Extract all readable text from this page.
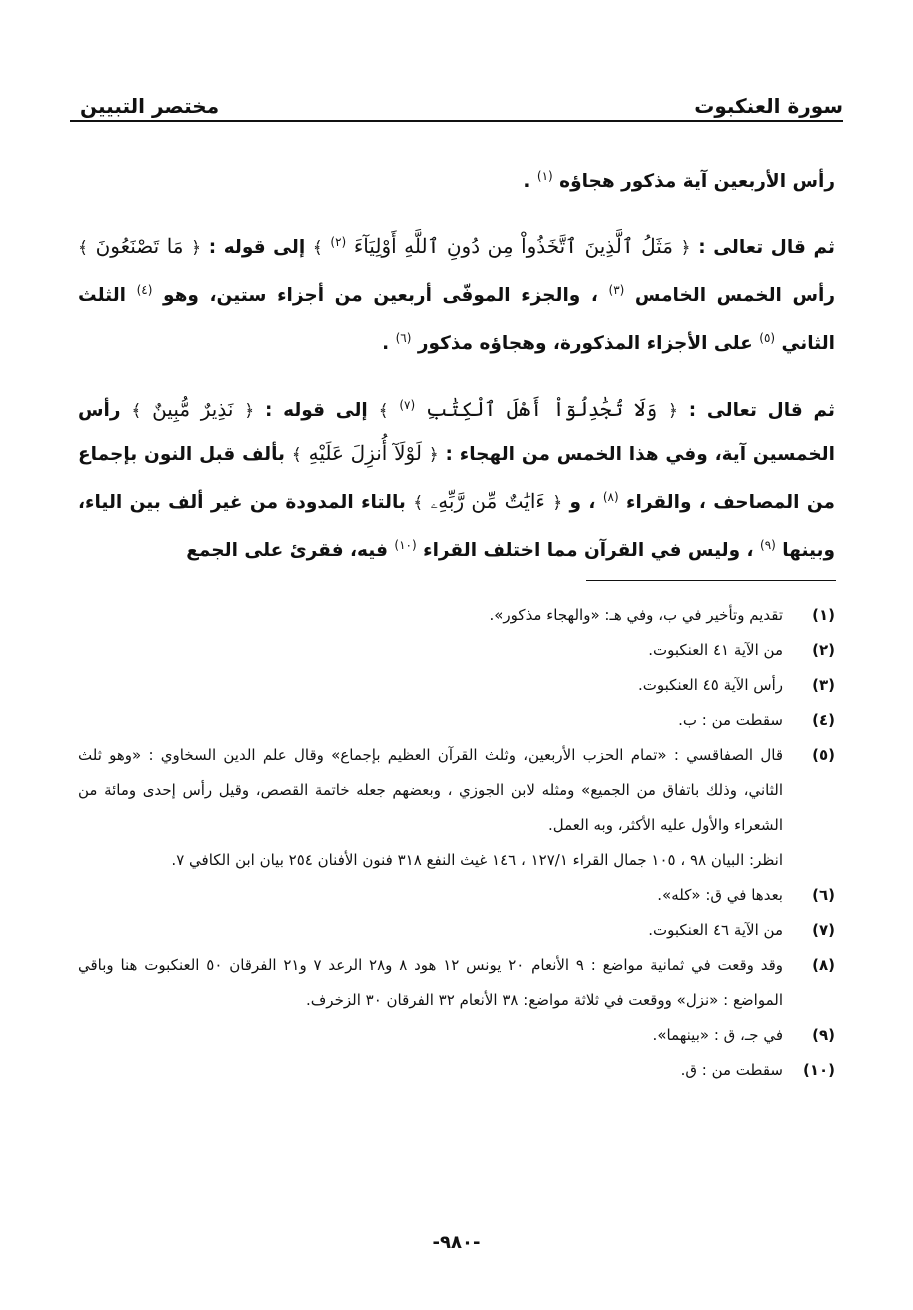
سورة العنكبوت
مختصر التبيين

رأس الأربعين آية مذكور هجاؤه $^{(١)}$ .

ثم قال تعالى : ﴿ مَثَلُ ٱلَّذِينَ ٱتَّخَذُواْ مِن دُونِ ٱللَّهِ أَوْلِيَآءَ $^{(٢)}$ ﴾ إلى قوله : ﴿ مَا تَصْنَعُونَ ﴾ رأس الخمس الخامس $^{(٣)}$ ، والجزء الموفّى أربعين من أجزاء ستين، وهو $^{(٤)}$ الثلث الثاني $^{(٥)}$ على الأجزاء المذكورة، وهجاؤه مذكور $^{(٦)}$ .

ثم قال تعالى : ﴿ وَلَا تُجَٰدِلُوٓاْ أَهْلَ ٱلْكِتَٰبِ $^{(٧)}$ ﴾ إلى قوله : ﴿ نَذِيرٌ مُّبِينٌ ﴾ رأس الخمسين آية، وفي هذا الخمس من الهجاء : ﴿ لَوْلَآ أُنزِلَ عَلَيْهِ ﴾ بألف قبل النون بإجماع من المصاحف ، والقراء $^{(٨)}$ ، و ﴿ ءَايَٰتٌ مِّن رَّبِّهِۦ ﴾ بالتاء المدودة من غير ألف بين الياء، وبينها $^{(٩)}$ ، وليس في القرآن مما اختلف القراء $^{(١٠)}$ فيه، فقرئ على الجمع

(١)
تقديم وتأخير في ب، وفي هـ: «والهجاء مذكور».
(٢)
من الآية ٤١ العنكبوت.
(٣)
رأس الآية ٤٥ العنكبوت.
(٤)
سقطت من : ب.
(٥)
قال الصفاقسي : «تمام الحزب الأربعين، وثلث القرآن العظيم بإجماع» وقال علم الدين السخاوي : «وهو ثلث الثاني، وذلك باتفاق من الجميع» ومثله لابن الجوزي ، وبعضهم جعله خاتمة القصص، وقيل رأس إحدى ومائة من الشعراء والأول عليه الأكثر، وبه العمل.
انظر: البيان ٩٨ ، ١٠٥ جمال القراء ١٢٧/١ ، ١٤٦ غيث النفع ٣١٨ فنون الأفنان ٢٥٤ بيان ابن الكافي ٧.
(٦)
بعدها في ق: «كله».
(٧)
من الآية ٤٦ العنكبوت.
(٨)
وقد وقعت في ثمانية مواضع : ٩ الأنعام ٢٠ يونس ١٢ هود ٨ و٢٨ الرعد ٧ و٢١ الفرقان ٥٠ العنكبوت هنا وباقي المواضع : «نزل» ووقعت في ثلاثة مواضع: ٣٨ الأنعام ٣٢ الفرقان ٣٠ الزخرف.
(٩)
في جـ، ق : «بينهما».
(١٠)
سقطت من : ق.
-٩٨٠-
